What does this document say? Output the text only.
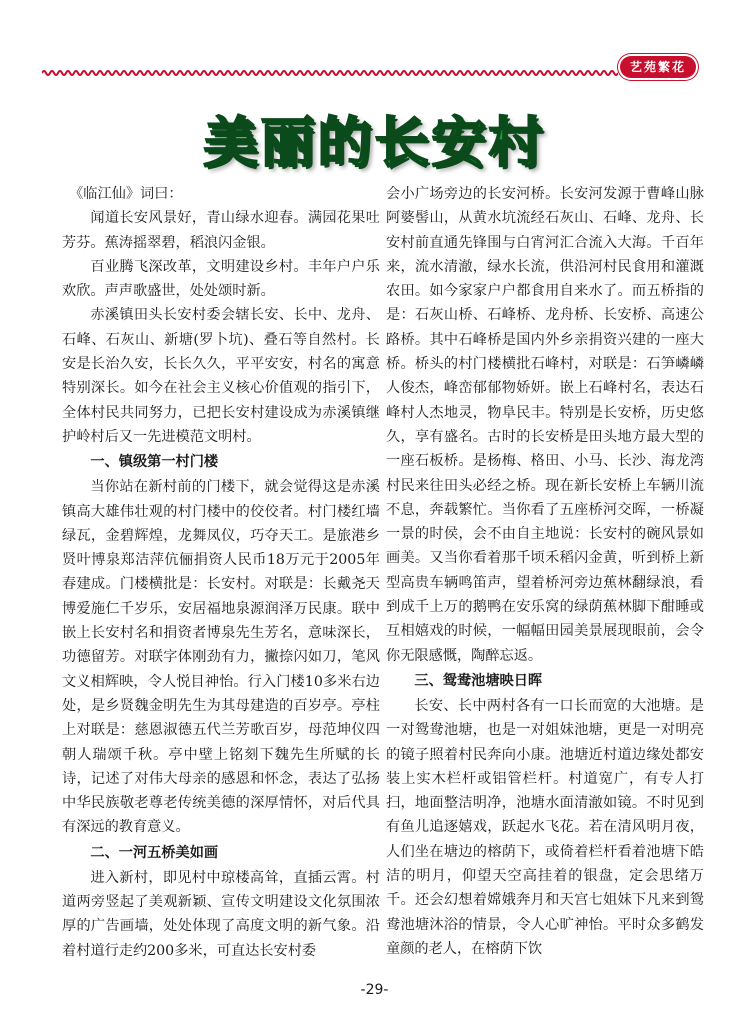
艺苑繁花
美丽的长安村

　《临江仙》词曰：

闻道长安风景好，青山绿水迎春。满园花果吐芳芬。蕉涛摇翠碧，稻浪闪金银。

百业腾飞深改革，文明建设乡村。丰年户户乐欢欣。声声歌盛世，处处颂时新。

赤溪镇田头长安村委会辖长安、长中、龙舟、石峰、石灰山、新塘(罗卜坑)、叠石等自然村。长安是长治久安，长长久久，平平安安，村名的寓意特别深长。如今在社会主义核心价值观的指引下，全体村民共同努力，已把长安村建设成为赤溪镇继护岭村后又一先进模范文明村。

一、镇级第一村门楼

当你站在新村前的门楼下，就会觉得这是赤溪镇高大雄伟壮观的村门楼中的佼佼者。村门楼红墙绿瓦，金碧辉煌，龙舞凤仪，巧夺天工。是旅港乡贤叶博泉郑洁萍伉俪捐资人民币18万元于2005年春建成。门楼横批是：长安村。对联是：长戴尧天博爱施仁千岁乐，安居福地泉源润泽万民康。联中嵌上长安村名和捐资者博泉先生芳名，意味深长，功德留芳。对联字体刚劲有力，撇捺闪如刀，笔风文义相辉映，令人悦目神怡。行入门楼10多米右边处，是乡贤魏金明先生为其母建造的百岁亭。亭柱上对联是：慈恩淑德五代兰芳歌百岁，母范坤仪四朝人瑞颂千秋。亭中壁上铭刻下魏先生所赋的长诗，记述了对伟大母亲的感恩和怀念，表达了弘扬中华民族敬老尊老传统美德的深厚情怀，对后代具有深远的教育意义。

二、一河五桥美如画

进入新村，即见村中琼楼高耸，直插云霄。村道两旁竖起了美观新颖、宣传文明建设文化氛围浓厚的广告画墙，处处体现了高度文明的新气象。沿着村道行走约200多米，可直达长安村委

会小广场旁边的长安河桥。长安河发源于曹峰山脉阿婆髻山，从黄水坑流经石灰山、石峰、龙舟、长安村前直通先锋围与白宵河汇合流入大海。千百年来，流水清澈，绿水长流，供沿河村民食用和灌溉农田。如今家家户户都食用自来水了。而五桥指的是：石灰山桥、石峰桥、龙舟桥、长安桥、高速公路桥。其中石峰桥是国内外乡亲捐资兴建的一座大桥。桥头的村门楼横批石峰村，对联是：石笋嶙嶙人俊杰，峰峦郁郁物娇妍。嵌上石峰村名，表达石峰村人杰地灵，物阜民丰。特别是长安桥，历史悠久，享有盛名。古时的长安桥是田头地方最大型的一座石板桥。是杨梅、格田、小马、长沙、海龙湾村民来往田头必经之桥。现在新长安桥上车辆川流不息，奔载繁忙。当你看了五座桥河交晖，一桥凝一景的时侯，会不由自主地说：长安村的碗风景如画美。又当你看着那千顷禾稻闪金黄，听到桥上新型高贵车辆鸣笛声，望着桥河旁边蕉林翻绿浪，看到成千上万的鹅鸭在安乐窝的绿荫蕉林脚下酣睡或互相嬉戏的时候，一幅幅田园美景展现眼前，会令你无限感慨，陶醉忘返。

三、鸳鸯池塘映日晖

长安、长中两村各有一口长而宽的大池塘。是一对鸳鸯池塘，也是一对姐妹池塘，更是一对明亮的镜子照着村民奔向小康。池塘近村道边缘处都安装上实木栏杆或铝管栏杆。村道宽广，有专人打扫，地面整洁明净，池塘水面清澈如镜。不时见到有鱼儿追逐嬉戏，跃起水飞花。若在清风明月夜，人们坐在塘边的榕荫下，或倚着栏杆看着池塘下皓洁的明月，仰望天空高挂着的银盘，定会思绪万千。还会幻想着嫦娥奔月和天宫七姐妹下凡来到鸳鸯池塘沐浴的情景，令人心旷神怡。平时众多鹤发童颜的老人，在榕荫下饮

-29-
